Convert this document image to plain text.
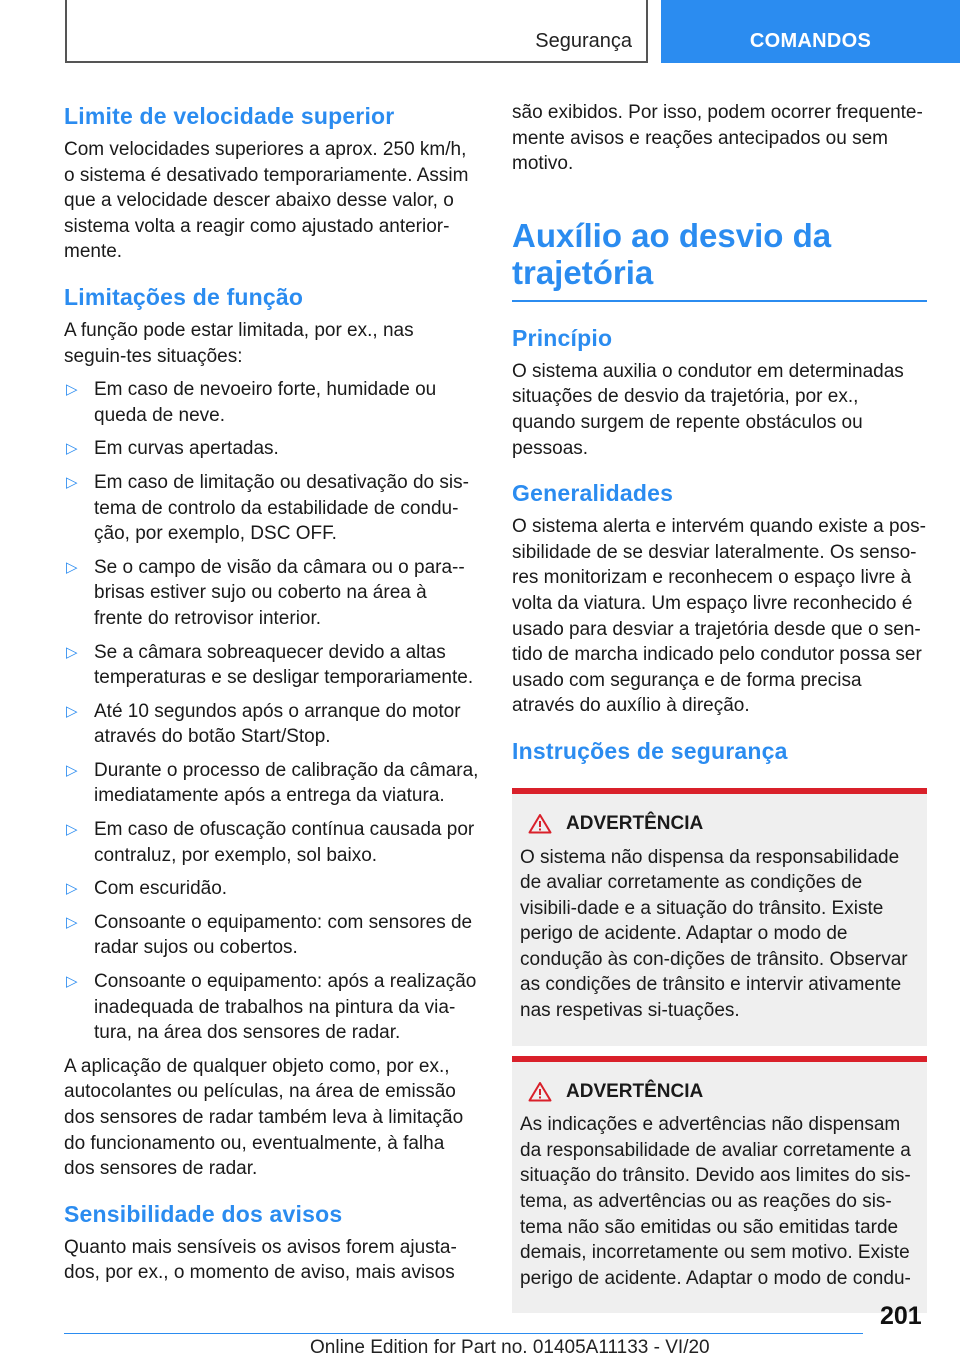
Segurança	COMANDOS
Limite de velocidade superior

Com velocidades superiores a aprox. 250 km/h, o sistema é desativado temporariamente. Assim que a velocidade descer abaixo desse valor, o sistema volta a reagir como ajustado anterior‐mente.

Limitações de função

A função pode estar limitada, por ex., nas seguin‐tes situações:

▷ Em caso de nevoeiro forte, humidade ou queda de neve.
▷ Em curvas apertadas.
▷ Em caso de limitação ou desativação do sis‐tema de controlo da estabilidade de condu‐ção, por exemplo, DSC OFF.
▷ Se o campo de visão da câmara ou o para‐-brisas estiver sujo ou coberto na área à frente do retrovisor interior.
▷ Se a câmara sobreaquecer devido a altas temperaturas e se desligar temporariamente.
▷ Até 10 segundos após o arranque do motor através do botão Start/Stop.
▷ Durante o processo de calibração da câmara, imediatamente após a entrega da viatura.
▷ Em caso de ofuscação contínua causada por contraluz, por exemplo, sol baixo.
▷ Com escuridão.
▷ Consoante o equipamento: com sensores de radar sujos ou cobertos.
▷ Consoante o equipamento: após a realização inadequada de trabalhos na pintura da via‐tura, na área dos sensores de radar.

A aplicação de qualquer objeto como, por ex., autocolantes ou películas, na área de emissão dos sensores de radar também leva à limitação do funcionamento ou, eventualmente, à falha dos sensores de radar.

Sensibilidade dos avisos

Quanto mais sensíveis os avisos forem ajusta‐dos, por ex., o momento de aviso, mais avisos

são exibidos. Por isso, podem ocorrer frequente‐mente avisos e reações antecipados ou sem motivo.

Auxílio ao desvio da trajetória
Princípio

O sistema auxilia o condutor em determinadas situações de desvio da trajetória, por ex., quando surgem de repente obstáculos ou pessoas.

Generalidades

O sistema alerta e intervém quando existe a pos‐sibilidade de se desviar lateralmente. Os senso‐res monitorizam e reconhecem o espaço livre à volta da viatura. Um espaço livre reconhecido é usado para desviar a trajetória desde que o sen‐tido de marcha indicado pelo condutor possa ser usado com segurança e de forma precisa através do auxílio à direção.

Instruções de segurança
ADVERTÊNCIA

O sistema não dispensa da responsabilidade de avaliar corretamente as condições de visibili‐dade e a situação do trânsito. Existe perigo de acidente. Adaptar o modo de condução às con‐dições de trânsito. Observar as condições de trânsito e intervir ativamente nas respetivas si‐tuações.

ADVERTÊNCIA

As indicações e advertências não dispensam da responsabilidade de avaliar corretamente a situação do trânsito. Devido aos limites do sis‐tema, as advertências ou as reações do sis‐tema não são emitidas ou são emitidas tarde demais, incorretamente ou sem motivo. Existe perigo de acidente. Adaptar o modo de condu‐

201
Online Edition for Part no. 01405A11133 - VI/20
